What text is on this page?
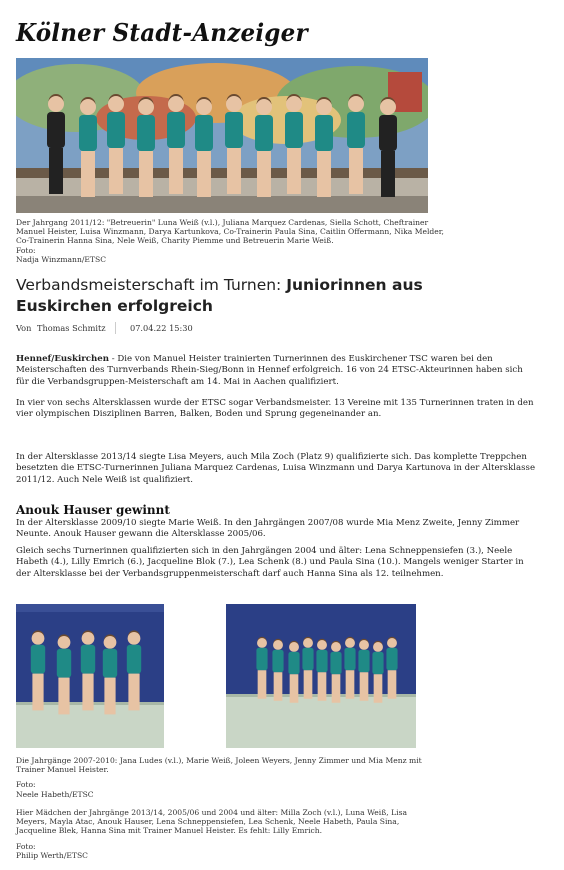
Kölner Stadt-Anzeiger
Der Jahrgang 2011/12: "Betreuerin" Luna Weiß (v.l.), Juliana Marquez Cardenas, Siella Schott, Cheftrainer Manuel Heister, Luisa Winzmann, Darya Kartunkova, Co-Trainerin Paula Sina, Caitlin Offermann, Nika Melder, Co-Trainerin Hanna Sina, Nele Weiß, Charity Piemme und Betreuerin Marie Weiß.
Foto:
Nadja Winzmann/ETSC
Verbandsmeisterschaft im Turnen: Juniorinnen aus Euskirchen erfolgreich
Von Thomas Schmitz	07.04.22 15:30
Hennef/Euskirchen - Die von Manuel Heister trainierten Turnerinnen des Euskirchener TSC waren bei den Meisterschaften des Turnverbands Rhein-Sieg/Bonn in Hennef erfolgreich. 16 von 24 ETSC-Akteurinnen haben sich für die Verbandsgruppen-Meisterschaft am 14. Mai in Aachen qualifiziert.
In vier von sechs Altersklassen wurde der ETSC sogar Verbandsmeister. 13 Vereine mit 135 Turnerinnen traten in den vier olympischen Disziplinen Barren, Balken, Boden und Sprung gegeneinander an.
In der Altersklasse 2013/14 siegte Lisa Meyers, auch Mila Zoch (Platz 9) qualifizierte sich. Das komplette Treppchen besetzten die ETSC-Turnerinnen Juliana Marquez Cardenas, Luisa Winzmann und Darya Kartunova in der Altersklasse 2011/12. Auch Nele Weiß ist qualifiziert.
Anouk Hauser gewinnt
In der Altersklasse 2009/10 siegte Marie Weiß. In den Jahrgängen 2007/08 wurde Mia Menz Zweite, Jenny Zimmer Neunte. Anouk Hauser gewann die Altersklasse 2005/06.
Gleich sechs Turnerinnen qualifizierten sich in den Jahrgängen 2004 und älter: Lena Schneppensiefen (3.), Neele Habeth (4.), Lilly Emrich (6.), Jacqueline Blok (7.), Lea Schenk (8.) und Paula Sina (10.). Mangels weniger Starter in der Altersklasse bei der Verbandsgruppenmeisterschaft darf auch Hanna Sina als 12. teilnehmen.
Die Jahrgänge 2007-2010: Jana Ludes (v.l.), Marie Weiß, Joleen Weyers, Jenny Zimmer und Mia Menz mit Trainer Manuel Heister.
Foto:
Neele Habeth/ETSC
Hier Mädchen der Jahrgänge 2013/14, 2005/06 und 2004 und älter: Milla Zoch (v.l.), Luna Weiß, Lisa Meyers, Mayla Atac, Anouk Hauser, Lena Schneppensiefen, Lea Schenk, Neele Habeth, Paula Sina, Jacqueline Blek, Hanna Sina mit Trainer Manuel Heister. Es fehlt: Lilly Emrich.
Foto:
Philip Werth/ETSC
